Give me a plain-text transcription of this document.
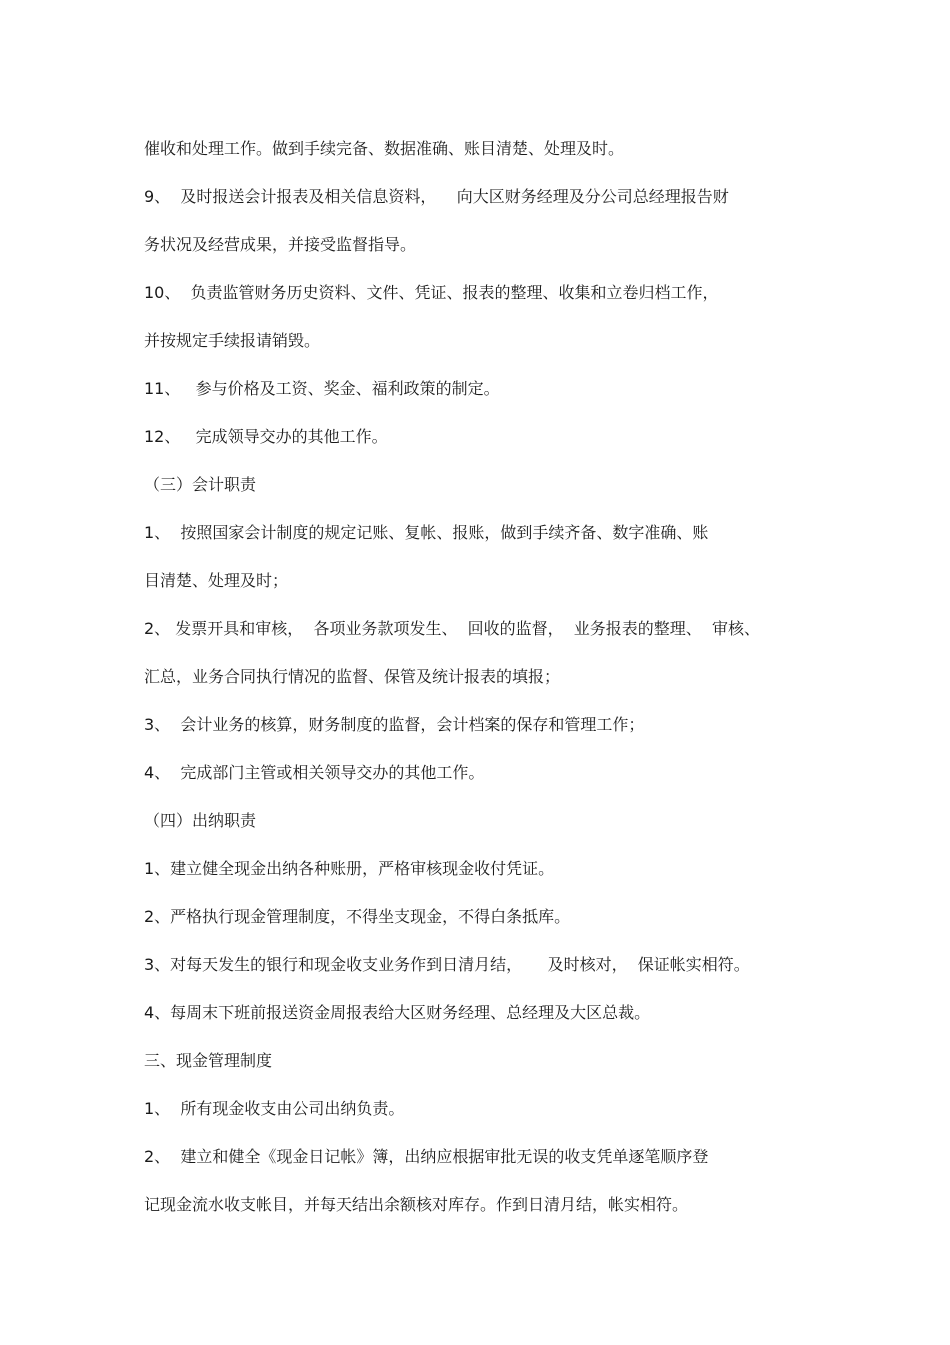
催收和处理工作。做到手续完备、数据准确、账目清楚、处理及时。
9、  及时报送会计报表及相关信息资料，    向大区财务经理及分公司总经理报告财
务状况及经营成果，并接受监督指导。
10、  负责监管财务历史资料、文件、凭证、报表的整理、收集和立卷归档工作，
并按规定手续报请销毁。
11、   参与价格及工资、奖金、福利政策的制定。
12、   完成领导交办的其他工作。
（三）会计职责
1、  按照国家会计制度的规定记账、复帐、报账，做到手续齐备、数字准确、账
目清楚、处理及时；
2、 发票开具和审核，  各项业务款项发生、  回收的监督，  业务报表的整理、  审核、
汇总，业务合同执行情况的监督、保管及统计报表的填报；
3、  会计业务的核算，财务制度的监督，会计档案的保存和管理工作；
4、  完成部门主管或相关领导交办的其他工作。
（四）出纳职责
1、建立健全现金出纳各种账册，严格审核现金收付凭证。
2、严格执行现金管理制度，不得坐支现金，不得白条抵库。
3、对每天发生的银行和现金收支业务作到日清月结，     及时核对，  保证帐实相符。
4、每周末下班前报送资金周报表给大区财务经理、总经理及大区总裁。
三、现金管理制度
1、  所有现金收支由公司出纳负责。
2、  建立和健全《现金日记帐》簿，出纳应根据审批无误的收支凭单逐笔顺序登
记现金流水收支帐目，并每天结出余额核对库存。作到日清月结，帐实相符。
